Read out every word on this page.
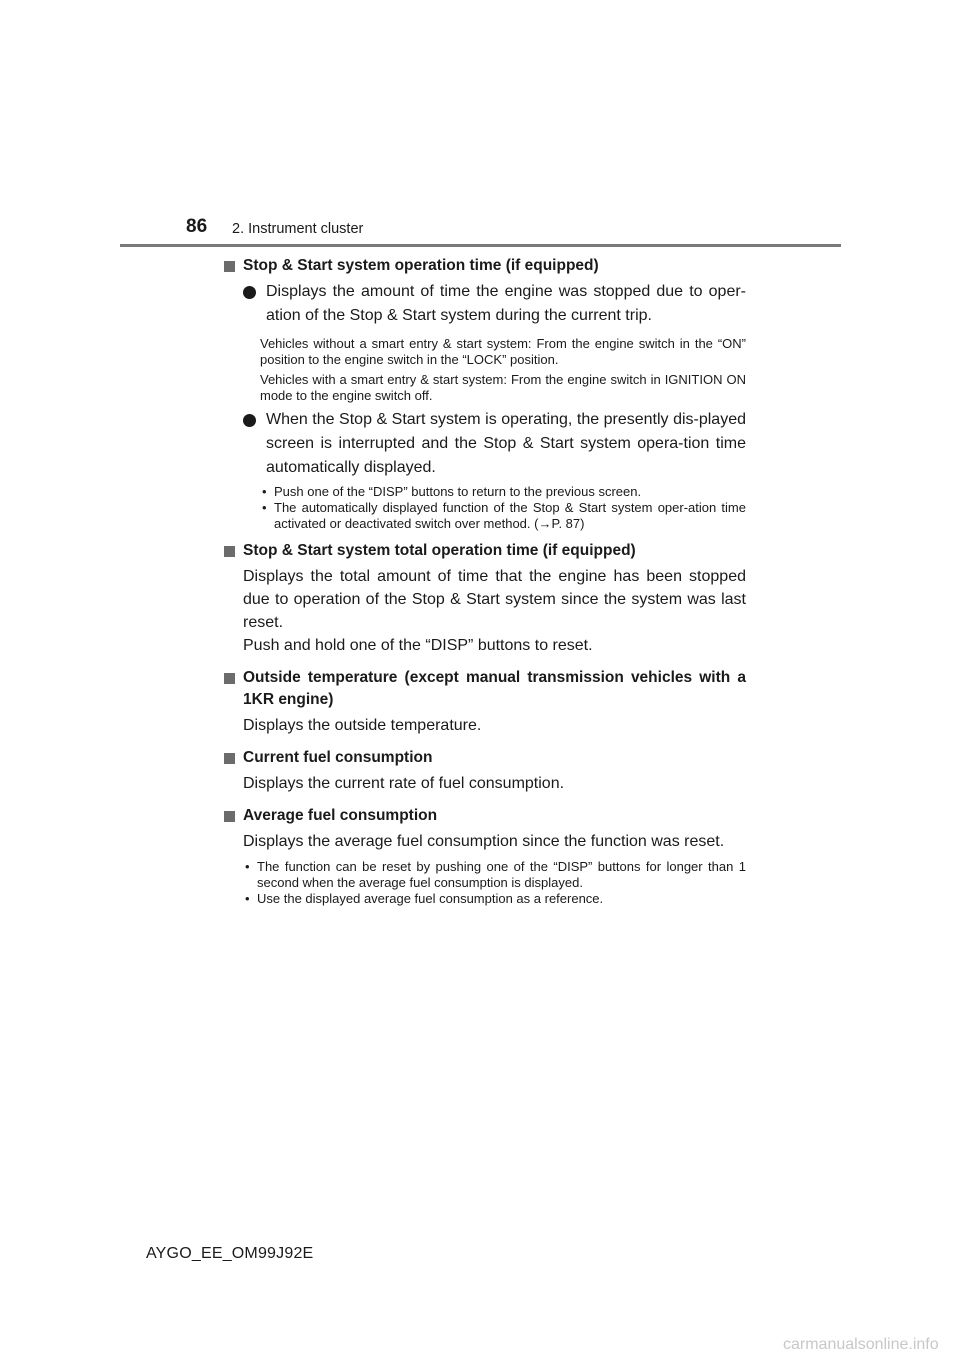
86 2. Instrument cluster
Stop & Start system operation time (if equipped)
Displays the amount of time the engine was stopped due to oper-ation of the Stop & Start system during the current trip.
Vehicles without a smart entry & start system: From the engine switch in the “ON” position to the engine switch in the “LOCK” position.
Vehicles with a smart entry & start system: From the engine switch in IGNITION ON mode to the engine switch off.
When the Stop & Start system is operating, the presently dis-played screen is interrupted and the Stop & Start system opera-tion time automatically displayed.
• Push one of the “DISP” buttons to return to the previous screen.
• The automatically displayed function of the Stop & Start system oper-ation time activated or deactivated switch over method. (→P. 87)
Stop & Start system total operation time (if equipped)
Displays the total amount of time that the engine has been stopped due to operation of the Stop & Start system since the system was last reset.
Push and hold one of the “DISP” buttons to reset.
Outside temperature (except manual transmission vehicles with a 1KR engine)
Displays the outside temperature.
Current fuel consumption
Displays the current rate of fuel consumption.
Average fuel consumption
Displays the average fuel consumption since the function was reset.
• The function can be reset by pushing one of the “DISP” buttons for longer than 1 second when the average fuel consumption is displayed.
• Use the displayed average fuel consumption as a reference.
AYGO_EE_OM99J92E
carmanualsonline.info
